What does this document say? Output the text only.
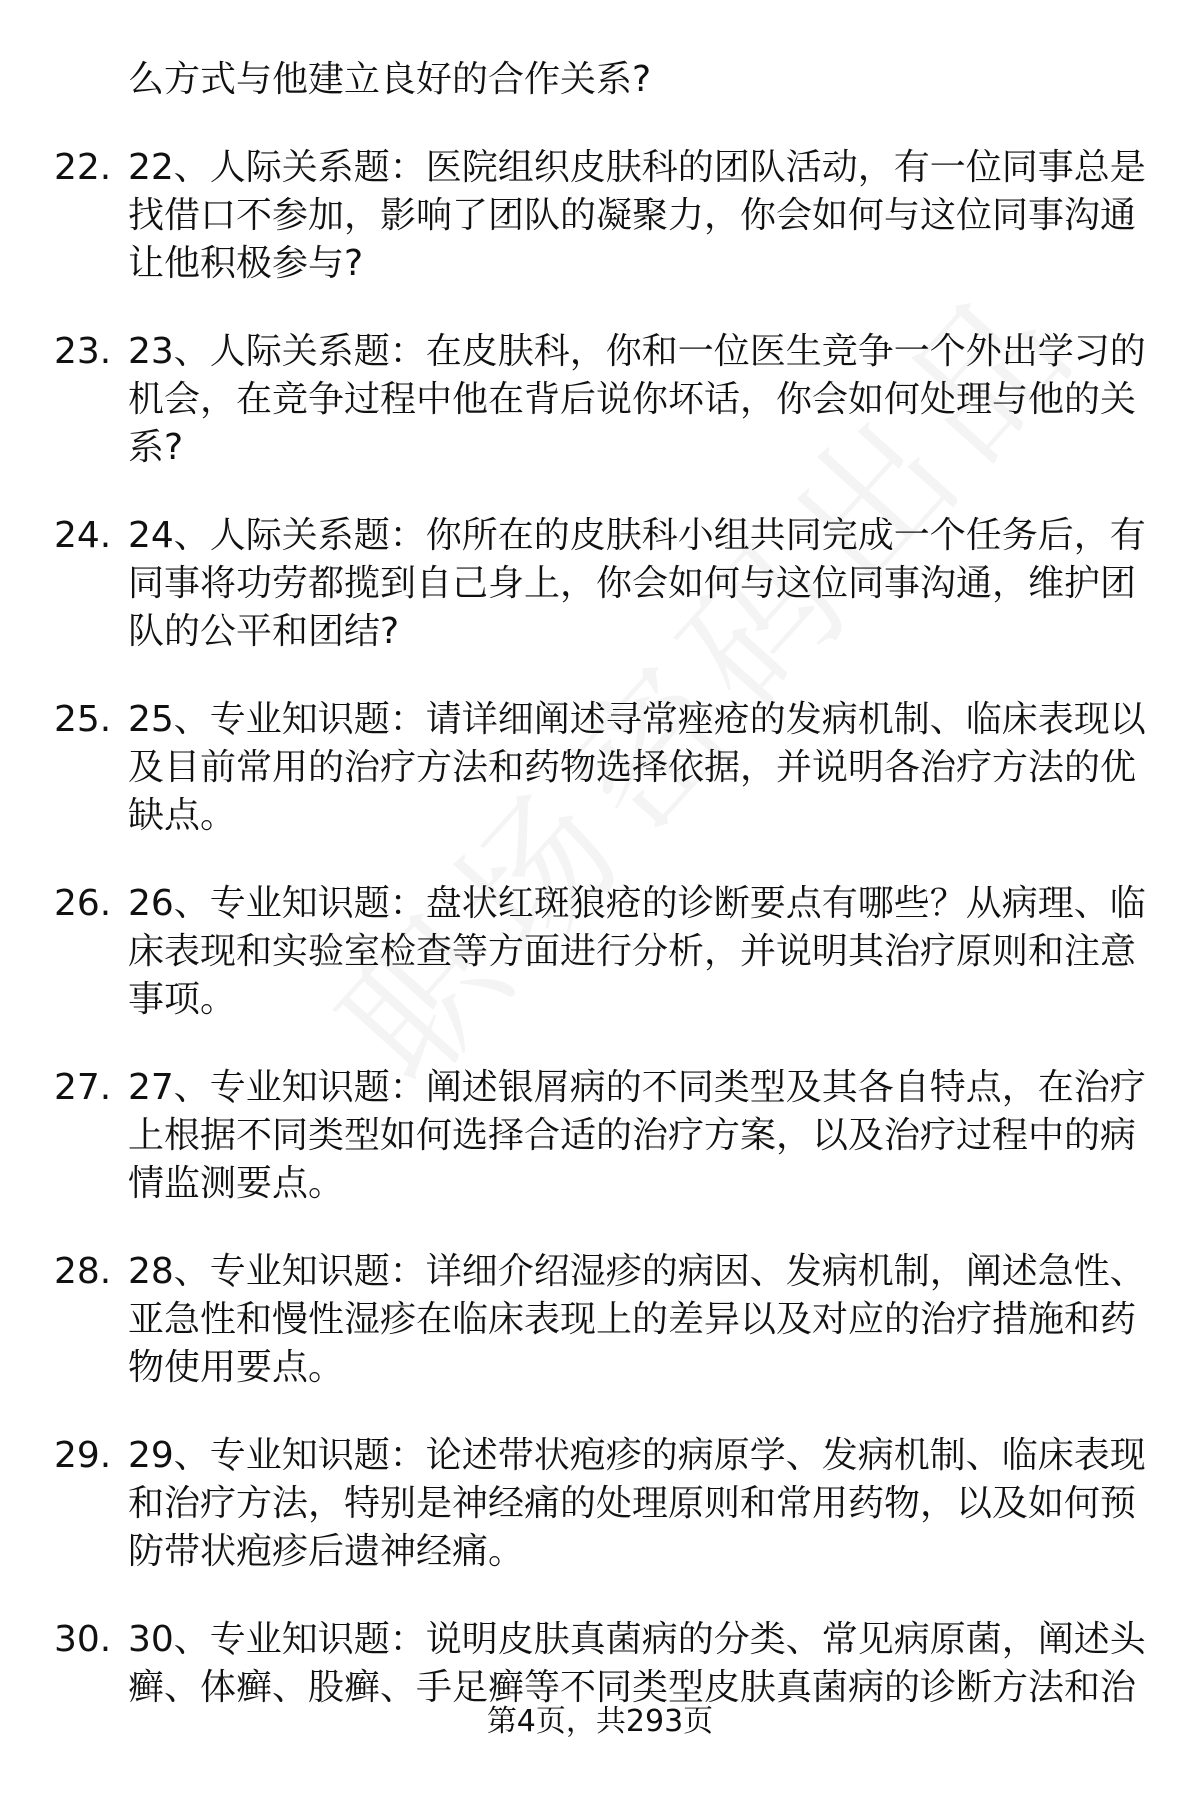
么方式与他建立良好的合作关系?
22. 22、人际关系题：医院组织皮肤科的团队活动，有一位同事总是
找借口不参加，影响了团队的凝聚力，你会如何与这位同事沟通
让他积极参与?
23. 23、人际关系题：在皮肤科，你和一位医生竞争一个外出学习的
机会，在竞争过程中他在背后说你坏话，你会如何处理与他的关
系?
24. 24、人际关系题：你所在的皮肤科小组共同完成一个任务后，有
同事将功劳都揽到自己身上，你会如何与这位同事沟通，维护团
队的公平和团结?
25. 25、专业知识题：请详细阐述寻常痤疮的发病机制、临床表现以
及目前常用的治疗方法和药物选择依据，并说明各治疗方法的优
缺点。
26. 26、专业知识题：盘状红斑狼疮的诊断要点有哪些？从病理、临
床表现和实验室检查等方面进行分析，并说明其治疗原则和注意
事项。
27. 27、专业知识题：阐述银屑病的不同类型及其各自特点，在治疗
上根据不同类型如何选择合适的治疗方案，以及治疗过程中的病
情监测要点。
28. 28、专业知识题：详细介绍湿疹的病因、发病机制，阐述急性、
亚急性和慢性湿疹在临床表现上的差异以及对应的治疗措施和药
物使用要点。
29. 29、专业知识题：论述带状疱疹的病原学、发病机制、临床表现
和治疗方法，特别是神经痛的处理原则和常用药物，以及如何预
防带状疱疹后遗神经痛。
30. 30、专业知识题：说明皮肤真菌病的分类、常见病原菌，阐述头
癣、体癣、股癣、手足癣等不同类型皮肤真菌病的诊断方法和治
第4页，共293页
